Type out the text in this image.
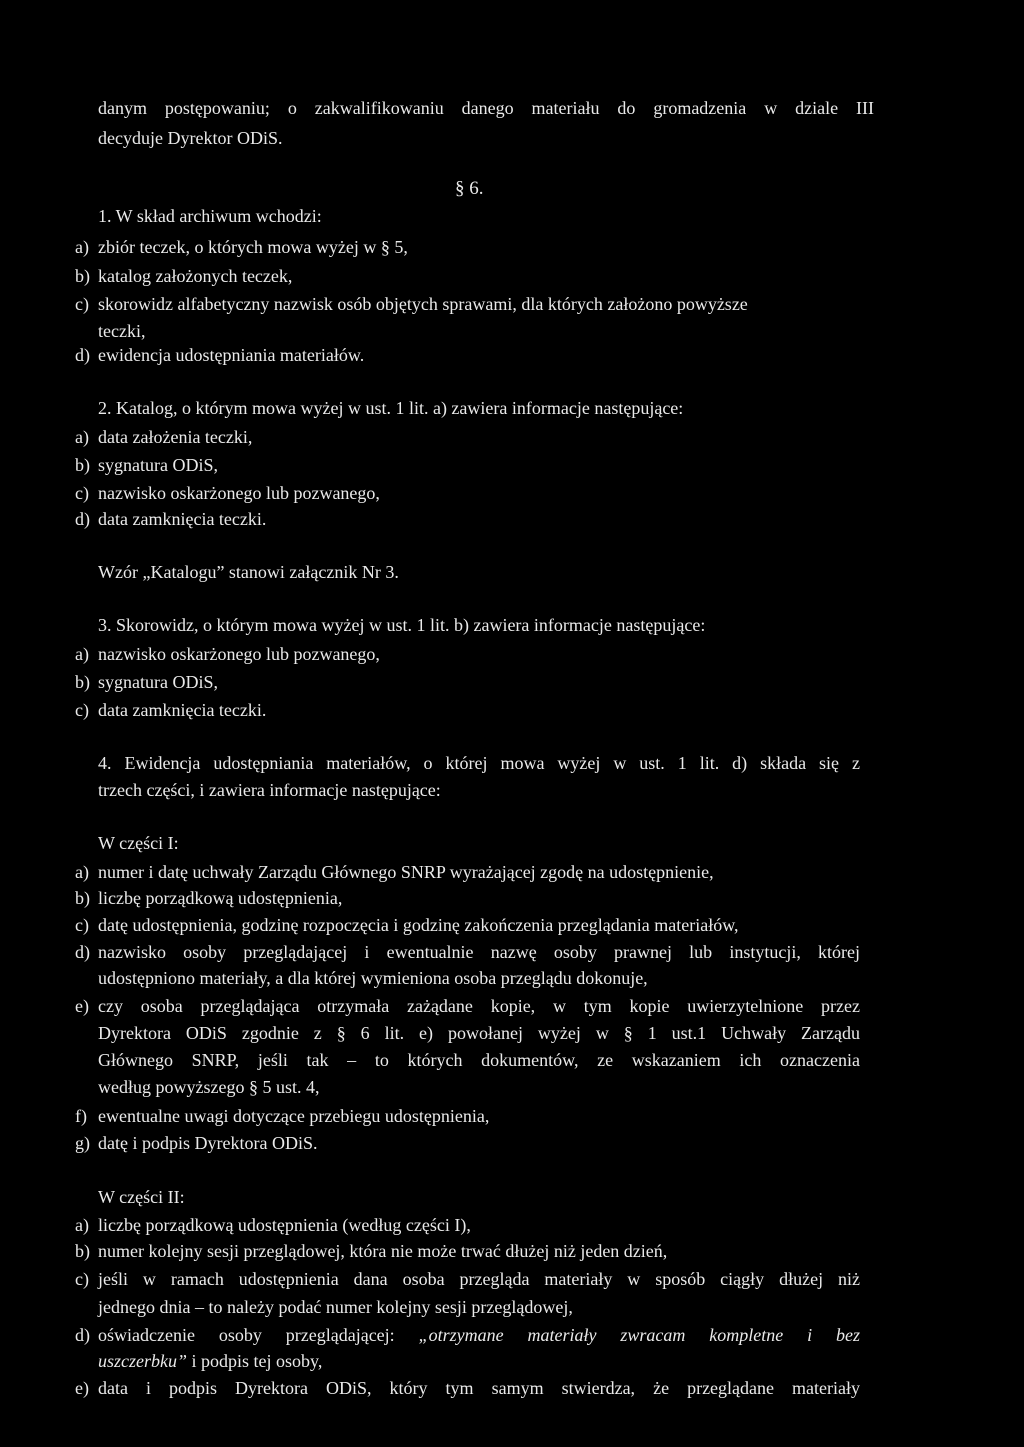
danym postępowaniu; o zakwalifikowaniu danego materiału do gromadzenia w dziale III
decyduje Dyrektor ODiS.
§ 6.
1. W skład archiwum wchodzi:
a) zbiór teczek, o których mowa wyżej w § 5,
b) katalog założonych teczek,
c) skorowidz alfabetyczny nazwisk osób objętych sprawami, dla których założono powyższe
teczki,
d) ewidencja udostępniania materiałów.
2. Katalog, o którym mowa wyżej w ust. 1 lit. a) zawiera informacje następujące:
a) data założenia teczki,
b) sygnatura ODiS,
c) nazwisko oskarżonego lub pozwanego,
d) data zamknięcia teczki.
Wzór „Katalogu” stanowi załącznik Nr 3.
3. Skorowidz, o którym mowa wyżej w ust. 1 lit. b) zawiera informacje następujące:
a) nazwisko oskarżonego lub pozwanego,
b) sygnatura ODiS,
c) data zamknięcia teczki.
4. Ewidencja udostępniania materiałów, o której mowa wyżej w ust. 1 lit. d) składa się z
trzech części, i zawiera informacje następujące:
W części I:
a) numer i datę uchwały Zarządu Głównego SNRP wyrażającej zgodę na udostępnienie,
b) liczbę porządkową udostępnienia,
c) datę udostępnienia, godzinę rozpoczęcia i godzinę zakończenia przeglądania materiałów,
d) nazwisko osoby przeglądającej i ewentualnie nazwę osoby prawnej lub instytucji, której
udostępniono materiały, a dla której wymieniona osoba przeglądu dokonuje,
e) czy osoba przeglądająca otrzymała zażądane kopie, w tym kopie uwierzytelnione przez
Dyrektora ODiS zgodnie z § 6 lit. e) powołanej wyżej w § 1 ust.1 Uchwały Zarządu
Głównego SNRP, jeśli tak – to których dokumentów, ze wskazaniem ich oznaczenia
według powyższego § 5 ust. 4,
f) ewentualne uwagi dotyczące przebiegu udostępnienia,
g) datę i podpis Dyrektora ODiS.
W części II:
a) liczbę porządkową udostępnienia (według części I),
b) numer kolejny sesji przeglądowej, która nie może trwać dłużej niż jeden dzień,
c) jeśli w ramach udostępnienia dana osoba przegląda materiały w sposób ciągły dłużej niż
jednego dnia – to należy podać numer kolejny sesji przeglądowej,
d) oświadczenie osoby przeglądającej: „otrzymane materiały zwracam kompletne i bez
uszczerbku” i podpis tej osoby,
e) data i podpis Dyrektora ODiS, który tym samym stwierdza, że przeglądane materiały
